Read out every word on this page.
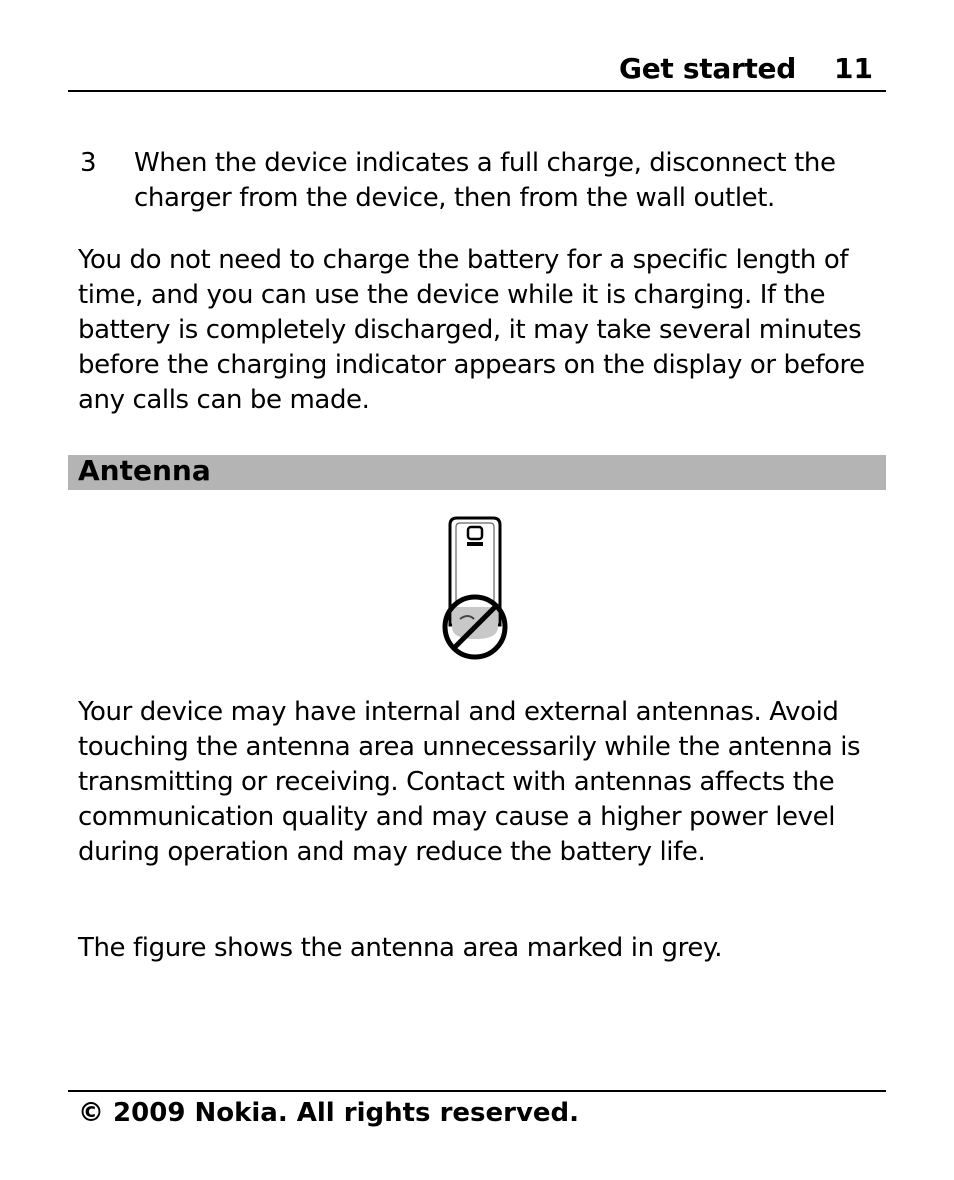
Get started 11
3 When the device indicates a full charge, disconnect the charger from the device, then from the wall outlet.
You do not need to charge the battery for a specific length of time, and you can use the device while it is charging. If the battery is completely discharged, it may take several minutes before the charging indicator appears on the display or before any calls can be made.
Antenna
Your device may have internal and external antennas. Avoid touching the antenna area unnecessarily while the antenna is transmitting or receiving. Contact with antennas affects the communication quality and may cause a higher power level during operation and may reduce the battery life.
The figure shows the antenna area marked in grey.
© 2009 Nokia. All rights reserved.
